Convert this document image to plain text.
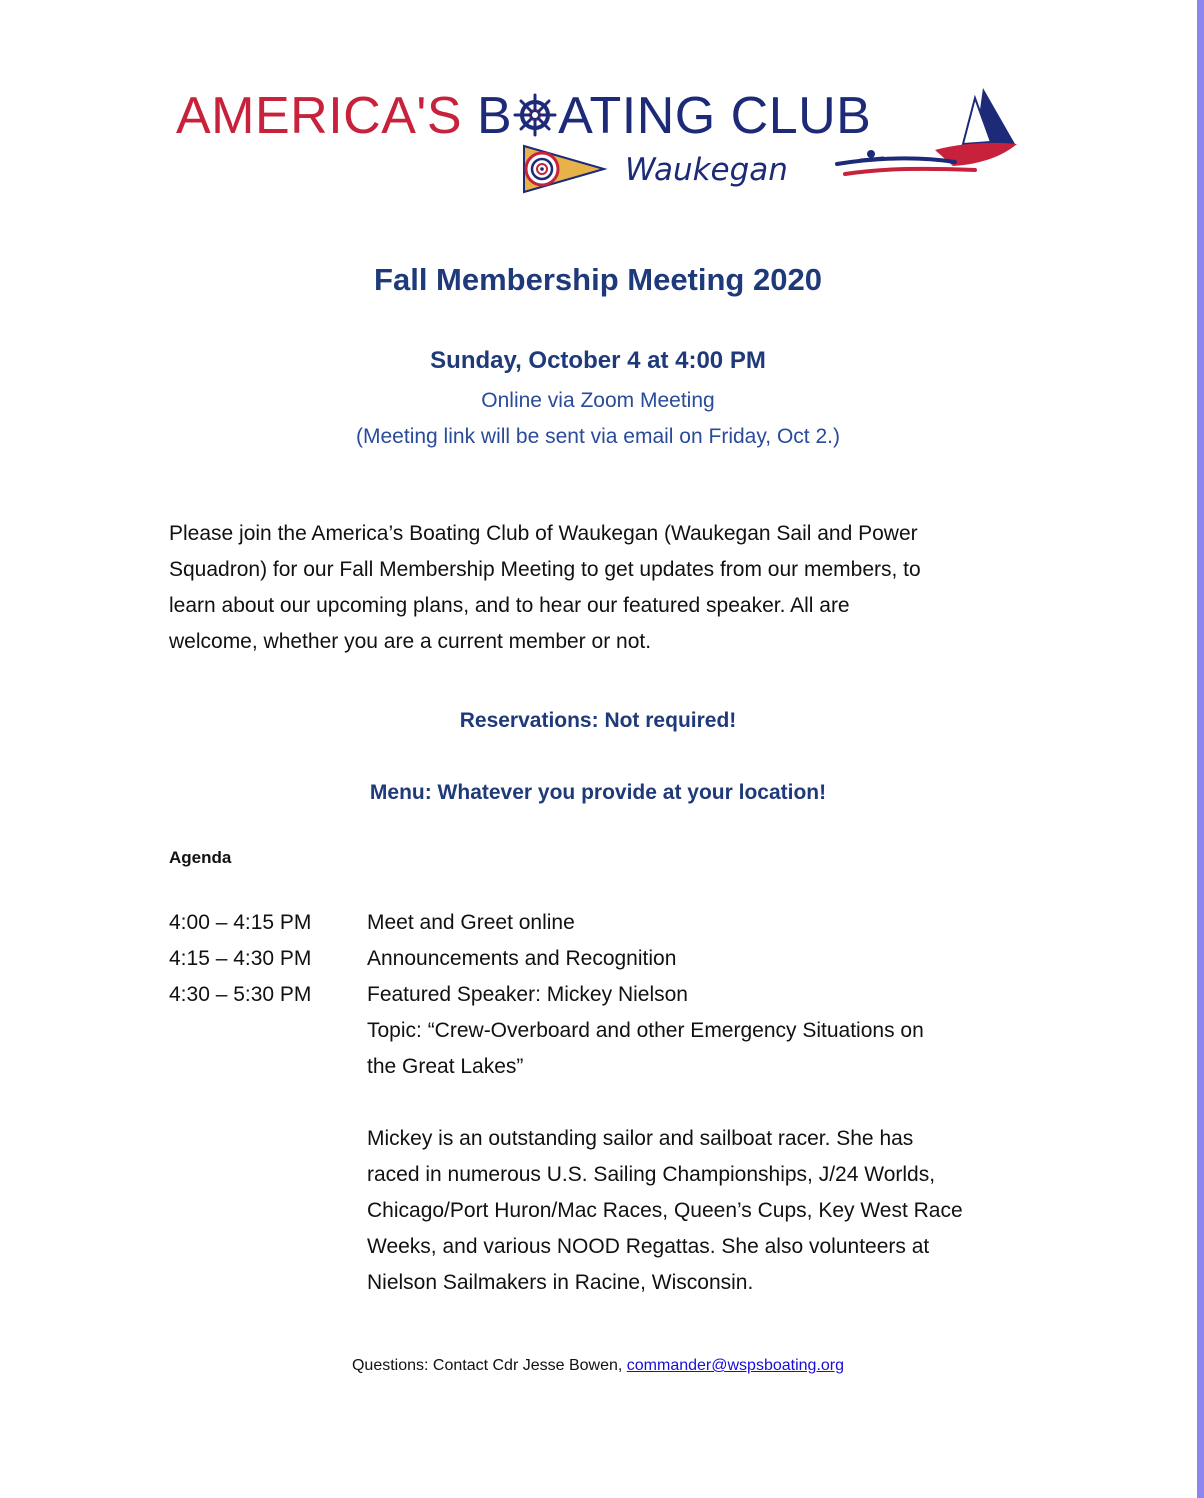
AMERICA'S B ATING CLUB
Waukegan
Fall Membership Meeting 2020
Sunday, October 4 at 4:00 PM
Online via Zoom Meeting
(Meeting link will be sent via email on Friday, Oct 2.)
Please join the America’s Boating Club of Waukegan (Waukegan Sail and Power
Squadron) for our Fall Membership Meeting to get updates from our members, to
learn about our upcoming plans, and to hear our featured speaker. All are
welcome, whether you are a current member or not.
Reservations: Not required!
Menu: Whatever you provide at your location!
Agenda
4:00 – 4:15 PM	Meet and Greet online
4:15 – 4:30 PM	Announcements and Recognition
4:30 – 5:30 PM	Featured Speaker: Mickey Nielson
Topic: “Crew-Overboard and other Emergency Situations on
the Great Lakes”
Mickey is an outstanding sailor and sailboat racer. She has
raced in numerous U.S. Sailing Championships, J/24 Worlds,
Chicago/Port Huron/Mac Races, Queen’s Cups, Key West Race
Weeks, and various NOOD Regattas. She also volunteers at
Nielson Sailmakers in Racine, Wisconsin.
Questions: Contact Cdr Jesse Bowen, commander@wspsboating.org
